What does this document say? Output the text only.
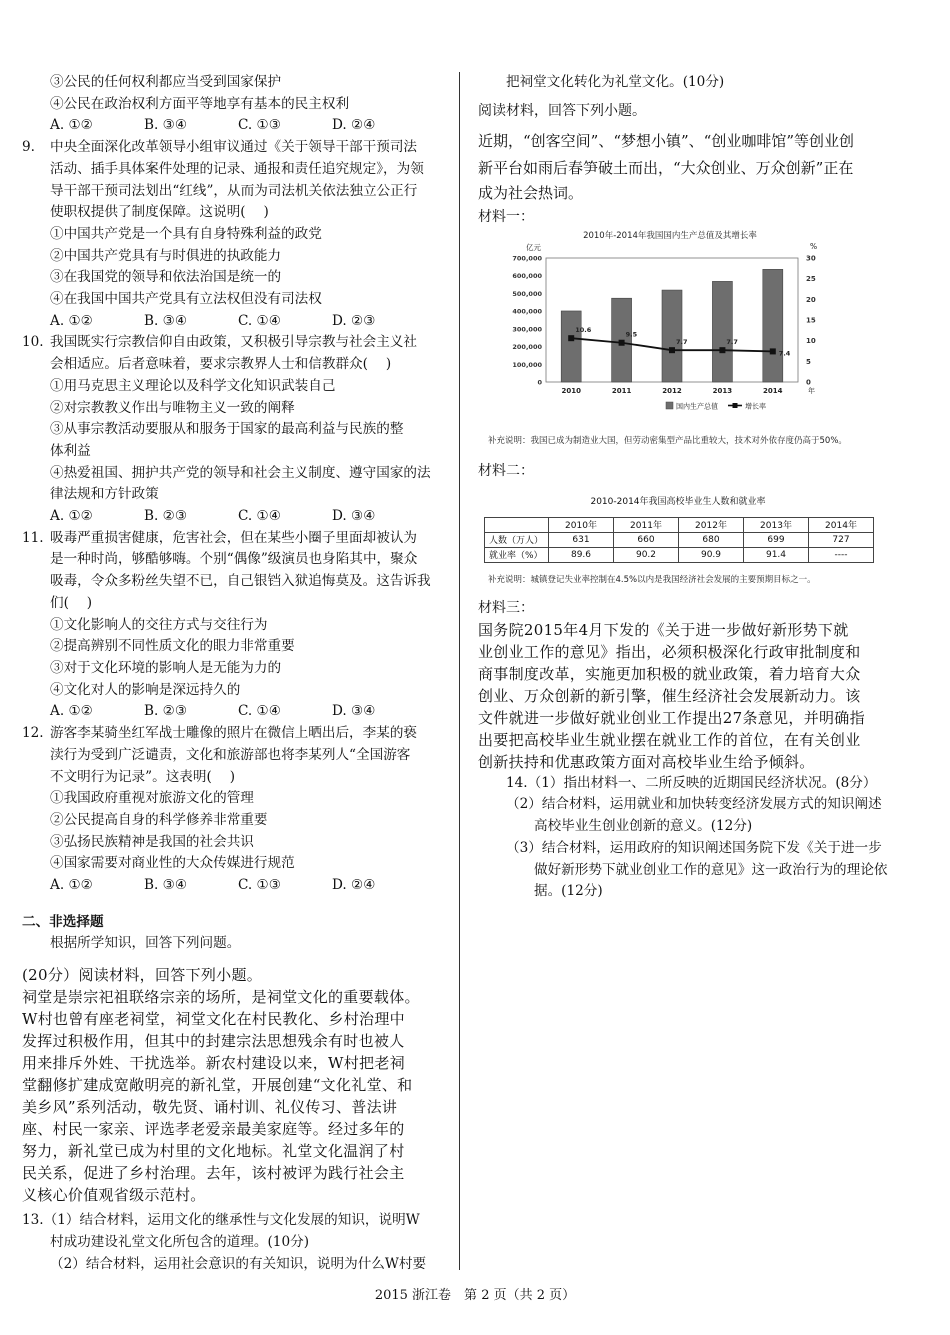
③公民的任何权利都应当受到国家保护
④公民在政治权利方面平等地享有基本的民主权利
A. ①②	B. ③④	C. ①③	D. ②④
9. 中央全面深化改革领导小组审议通过《关于领导干部干预司法
活动、插手具体案件处理的记录、通报和责任追究规定》，为领
导干部干预司法划出“红线”，从而为司法机关依法独立公正行
使职权提供了制度保障。这说明(　 )
①中国共产党是一个具有自身特殊利益的政党
②中国共产党具有与时俱进的执政能力
③在我国党的领导和依法治国是统一的
④在我国中国共产党具有立法权但没有司法权
A. ①②	B. ③④	C. ①④	D. ②③
10. 我国既实行宗教信仰自由政策，又积极引导宗教与社会主义社
会相适应。后者意味着，要求宗教界人士和信教群众(　 )
①用马克思主义理论以及科学文化知识武装自己
②对宗教教义作出与唯物主义一致的阐释
③从事宗教活动要服从和服务于国家的最高利益与民族的整
体利益
④热爱祖国、拥护共产党的领导和社会主义制度、遵守国家的法
律法规和方针政策
A. ①②	B. ②③	C. ①④	D. ③④
11. 吸毒严重损害健康，危害社会，但在某些小圈子里面却被认为
是一种时尚，够酷够嗨。个别“偶像”级演员也身陷其中，聚众
吸毒，令众多粉丝失望不已，自己银铛入狱追悔莫及。这告诉我
们(　 )
①文化影响人的交往方式与交往行为
②提高辨别不同性质文化的眼力非常重要
③对于文化环境的影响人是无能为力的
④文化对人的影响是深远持久的
A. ①②	B. ②③	C. ①④	D. ③④
12. 游客李某骑坐红军战士雕像的照片在微信上晒出后，李某的亵
渎行为受到广泛谴责，文化和旅游部也将李某列人“全国游客
不文明行为记录”。这表明(　 )
①我国政府重视对旅游文化的管理
②公民提高自身的科学修养非常重要
③弘扬民族精神是我国的社会共识
④国家需要对商业性的大众传媒进行规范
A. ①②	B. ③④	C. ①③	D. ②④
二、非选择题
根据所学知识，回答下列问题。
(20分）阅读材料，回答下列小题。
祠堂是崇宗祀祖联络宗亲的场所，是祠堂文化的重要载体。
W村也曾有座老祠堂，祠堂文化在村民教化、乡村治理中
发挥过积极作用，但其中的封建宗法思想残余有时也被人
用来排斥外姓、干扰选举。新农村建设以来，W村把老祠
堂翻修扩建成宽敞明亮的新礼堂，开展创建“文化礼堂、和
美乡风”系列活动，敬先贤、诵村训、礼仪传习、普法讲
座、村民一家亲、评选孝老爱亲最美家庭等。经过多年的
努力，新礼堂已成为村里的文化地标。礼堂文化温润了村
民关系，促进了乡村治理。去年，该村被评为践行社会主
义核心价值观省级示范村。
13.（1）结合材料，运用文化的继承性与文化发展的知识，说明W
村成功建设礼堂文化所包含的道理。(10分)
（2）结合材料，运用社会意识的有关知识，说明为什么W村要
把祠堂文化转化为礼堂文化。(10分)
阅读材料，回答下列小题。
近期，“创客空间”、“梦想小镇”、“创业咖啡馆”等创业创
新平台如雨后春笋破土而出，“大众创业、万众创新”正在
成为社会热词。
材料一：
2010年-2014年我国国内生产总值及其增长率
亿元	%
0
100,000
200,000
300,000
400,000
500,000
600,000
700,000
0
5
10
15
20
25
30
2010	2011	2012	2013	2014	年
10.6
9.5
7.7	7.7
7.4
国内生产总值	增长率
补充说明：我国已成为制造业大国，但劳动密集型产品比重较大，技术对外依存度仍高于50%。
材料二：
2010-2014年我国高校毕业生人数和就业率
	2010年	2011年	2012年	2013年	2014年
人数（万人）	631	660	680	699	727
就业率（%）	89.6	90.2	90.9	91.4	----
补充说明：城镇登记失业率控制在4.5%以内是我国经济社会发展的主要预期目标之一。
材料三：
国务院2015年4月下发的《关于进一步做好新形势下就
业创业工作的意见》指出，必须积极深化行政审批制度和
商事制度改革，实施更加积极的就业政策，着力培育大众
创业、万众创新的新引擎，催生经济社会发展新动力。该
文件就进一步做好就业创业工作提出27条意见，并明确指
出要把高校毕业生就业摆在就业工作的首位，在有关创业
创新扶持和优惠政策方面对高校毕业生给予倾斜。
14.（1）指出材料一、二所反映的近期国民经济状况。(8分）
（2）结合材料，运用就业和加快转变经济发展方式的知识阐述
高校毕业生创业创新的意义。(12分)
（3）结合材料，运用政府的知识阐述国务院下发《关于进一步
做好新形势下就业创业工作的意见》这一政治行为的理论依
据。(12分)
2015 浙江卷　第 2 页（共 2 页）
